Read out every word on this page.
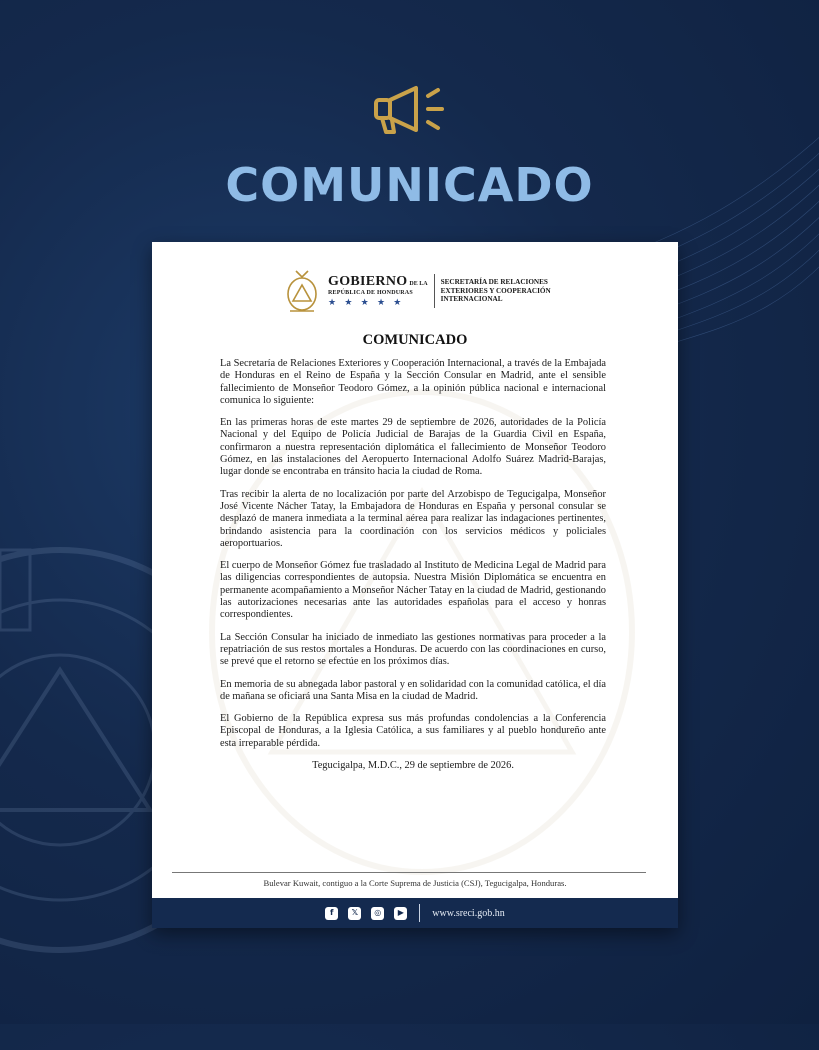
COMUNICADO
GOBIERNO DE LA
REPÚBLICA DE HONDURAS
★ ★ ★ ★ ★
SECRETARÍA DE RELACIONES EXTERIORES Y COOPERACIÓN INTERNACIONAL
COMUNICADO

La Secretaría de Relaciones Exteriores y Cooperación Internacional, a través de la Embajada de Honduras en el Reino de España y la Sección Consular en Madrid, ante el sensible fallecimiento de Monseñor Teodoro Gómez, a la opinión pública nacional e internacional comunica lo siguiente:

En las primeras horas de este martes 29 de septiembre de 2026, autoridades de la Policía Nacional y del Equipo de Policía Judicial de Barajas de la Guardia Civil en España, confirmaron a nuestra representación diplomática el fallecimiento de Monseñor Teodoro Gómez, en las instalaciones del Aeropuerto Internacional Adolfo Suárez Madrid-Barajas, lugar donde se encontraba en tránsito hacia la ciudad de Roma.

Tras recibir la alerta de no localización por parte del Arzobispo de Tegucigalpa, Monseñor José Vicente Nácher Tatay, la Embajadora de Honduras en España y personal consular se desplazó de manera inmediata a la terminal aérea para realizar las indagaciones pertinentes, brindando asistencia para la coordinación con los servicios médicos y policiales aeroportuarios.

El cuerpo de Monseñor Gómez fue trasladado al Instituto de Medicina Legal de Madrid para las diligencias correspondientes de autopsia. Nuestra Misión Diplomática se encuentra en permanente acompañamiento a Monseñor Nácher Tatay en la ciudad de Madrid, gestionando las autorizaciones necesarias ante las autoridades españolas para el acceso y honras correspondientes.

La Sección Consular ha iniciado de inmediato las gestiones normativas para proceder a la repatriación de sus restos mortales a Honduras. De acuerdo con las coordinaciones en curso, se prevé que el retorno se efectúe en los próximos días.

En memoria de su abnegada labor pastoral y en solidaridad con la comunidad católica, el día de mañana se oficiará una Santa Misa en la ciudad de Madrid.

El Gobierno de la República expresa sus más profundas condolencias a la Conferencia Episcopal de Honduras, a la Iglesia Católica, a sus familiares y al pueblo hondureño ante esta irreparable pérdida.

Tegucigalpa, M.D.C., 29 de septiembre de 2026.
Bulevar Kuwait, contiguo a la Corte Suprema de Justicia (CSJ), Tegucigalpa, Honduras.
f	𝕏	◎	▶	www.sreci.gob.hn
